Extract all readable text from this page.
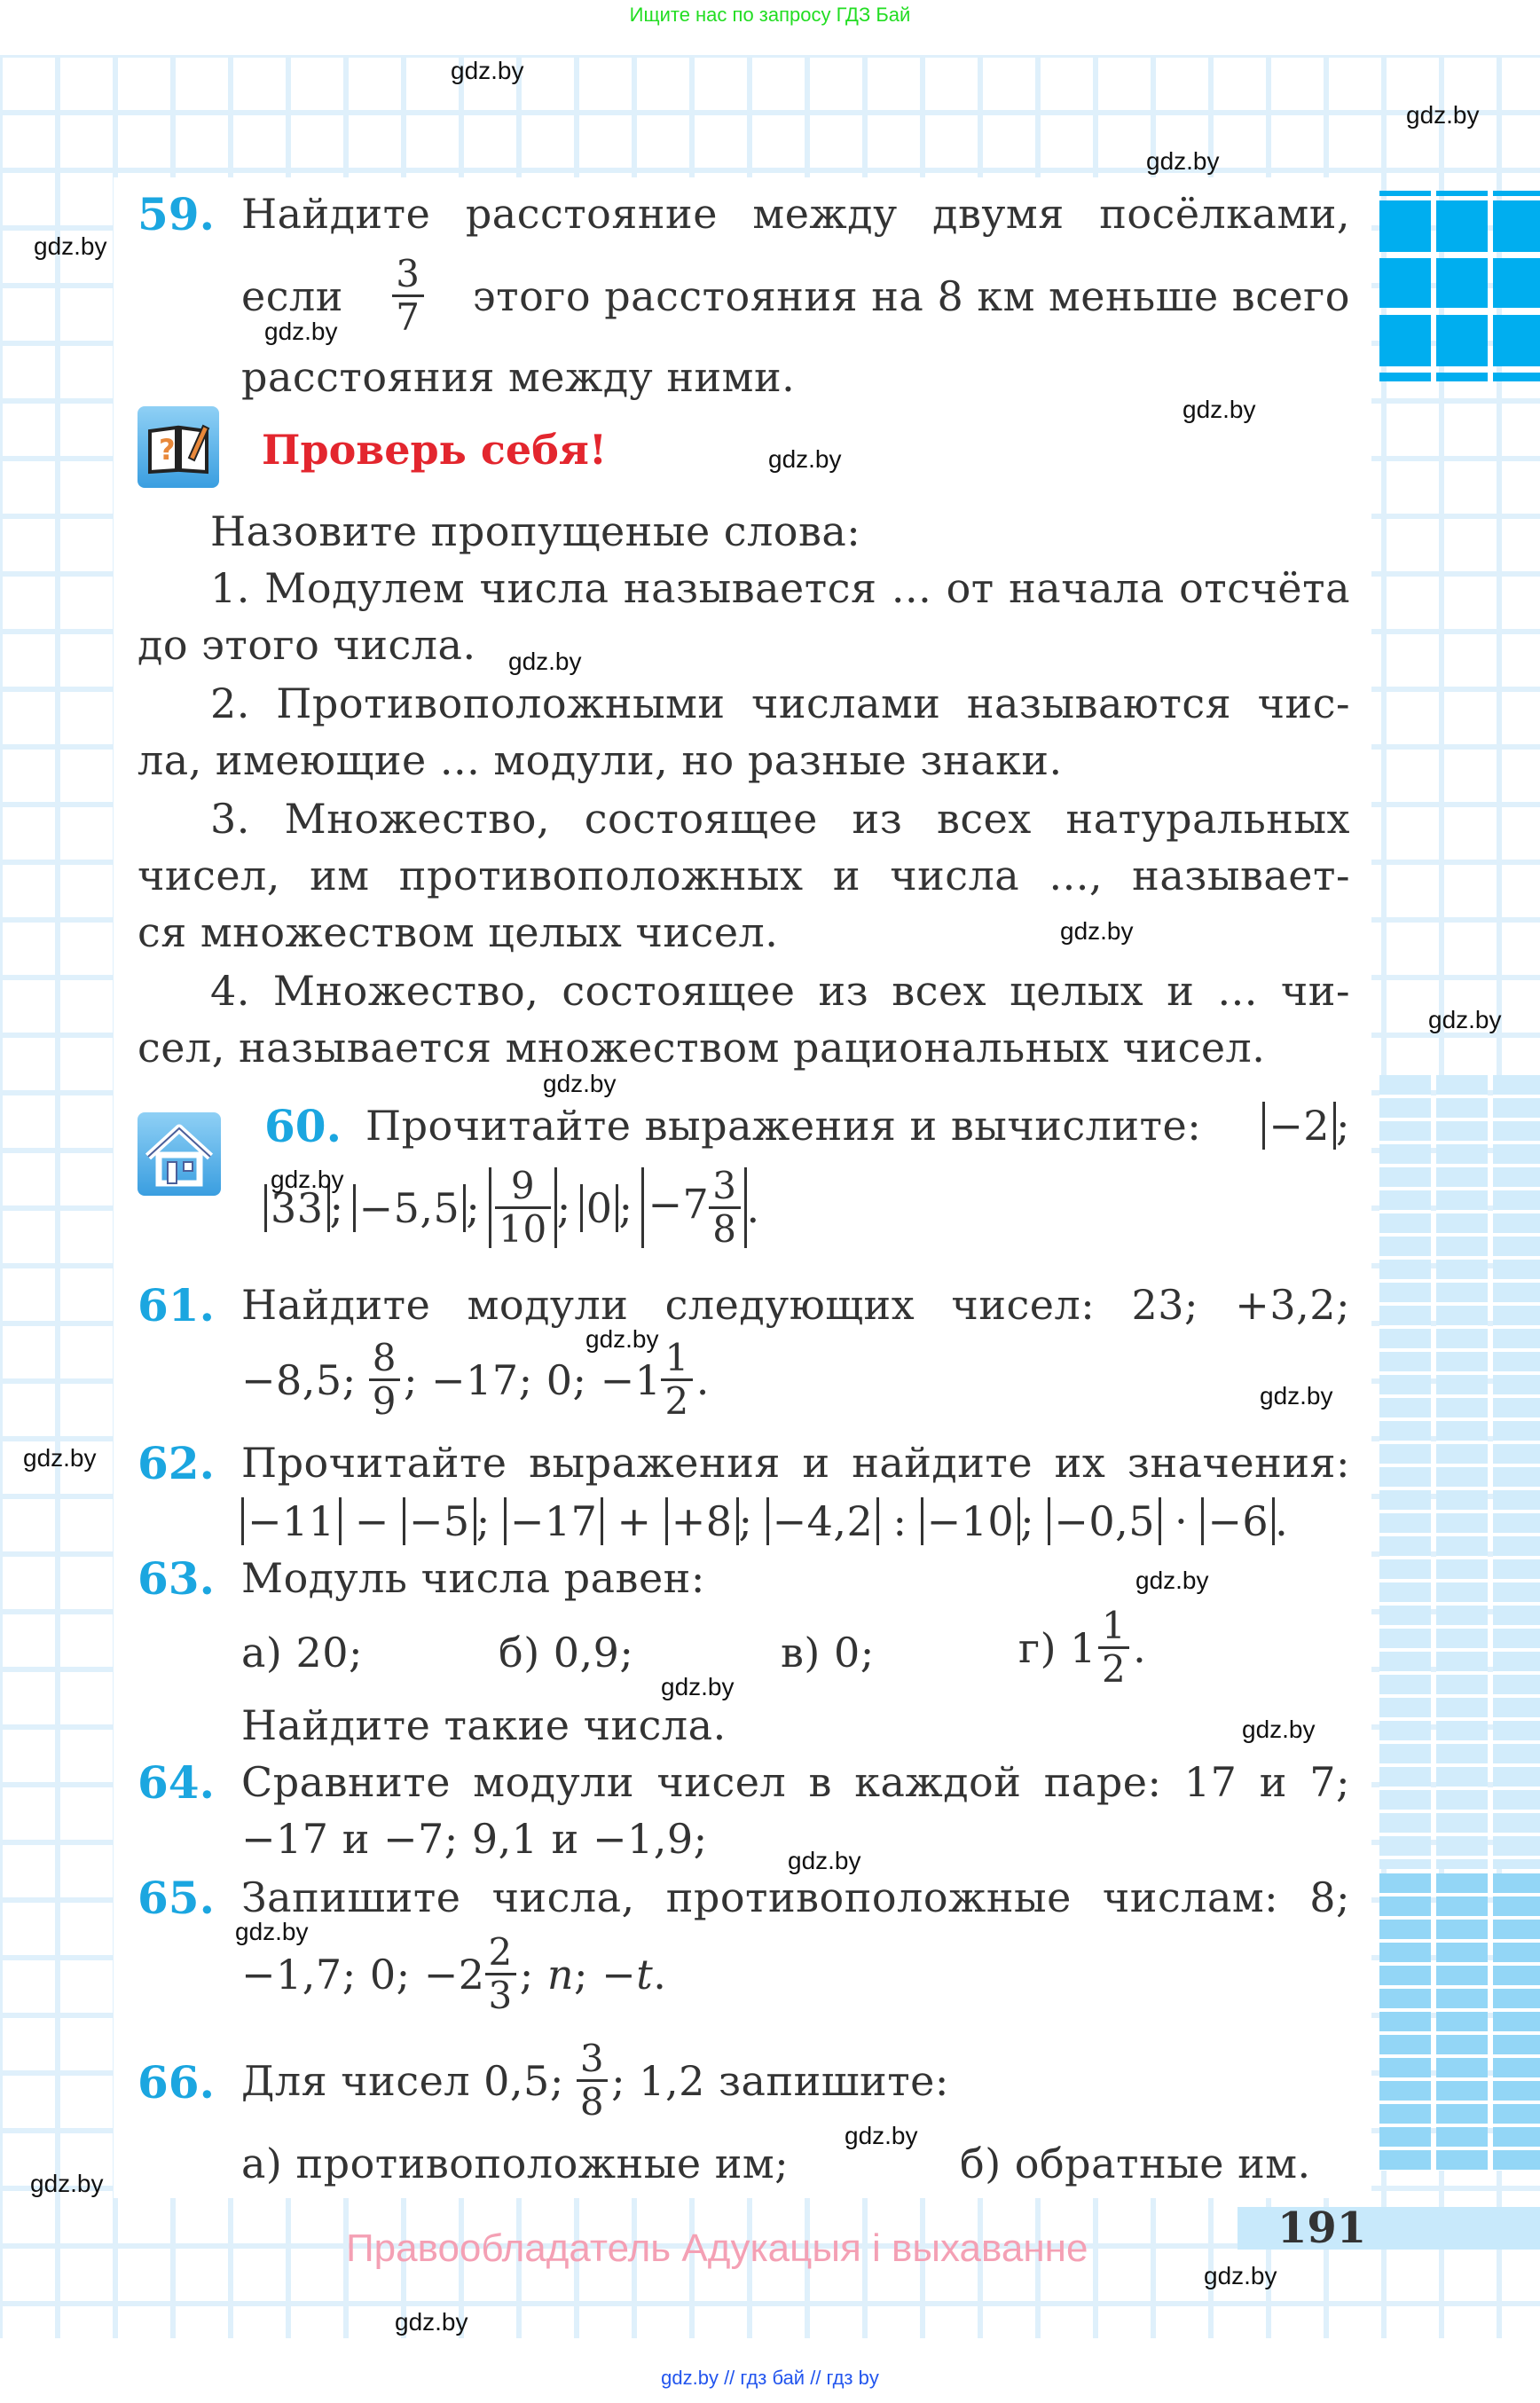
Ищите нас по запросу ГДЗ Бай
59. Найдите расстояние между двумя посёлками,
если $\frac{3}{7}$ этого расстояния на 8 км меньше всего
расстояния между ними.
? Проверь себя!
Назовите пропущеные слова:
1. Модулем числа называется ... от начала отсчёта
до этого числа.
2. Противоположными числами называются чис-
ла, имеющие ... модули, но разные знаки.
3. Множество, состоящее из всех натуральных
чисел, им противоположных и числа ..., называет-
ся множеством целых чисел.
4. Множество, состоящее из всех целых и ... чи-
сел, называется множеством рациональных чисел.
60. Прочитайте выражения и вычислите: −2 ;
33 ; −5,5 ; $\frac{9}{10}$ ; 0 ; $-7 \frac{3}{8}$ .
61. Найдите модули следующих чисел: 23; +3,2;
−8,5; $\frac{8}{9}$ ; −17; 0; $-1 \frac{1}{2}$ .
62. Прочитайте выражения и найдите их значения:
−11 − −5 ; −17 + +8 ; −4,2 : −10 ; −0,5 · −6 .
63. Модуль числа равен:
а) 20;	б) 0,9;	в) 0;	г) $1 \frac{1}{2}$ .
Найдите такие числа.
64. Сравните модули чисел в каждой паре: 17 и 7;
−17 и −7; 9,1 и −1,9;
65. Запишите числа, противоположные числам: 8;
−1,7; 0; $-2 \frac{2}{3}$ ; n ; − t .
66. Для чисел 0,5; $\frac{3}{8}$ ; 1,2 запишите:
а) противоположные им;	б) обратные им.
191
Правообладатель Адукацыя і выхаванне
gdz.by
gdz.by
gdz.by
gdz.by
gdz.by
gdz.by
gdz.by
gdz.by
gdz.by
gdz.by
gdz.by
gdz.by
gdz.by
gdz.by
gdz.by
gdz.by
gdz.by
gdz.by
gdz.by
gdz.by
gdz.by
gdz.by
gdz.by
gdz.by
gdz.by // гдз бай // гдз by
